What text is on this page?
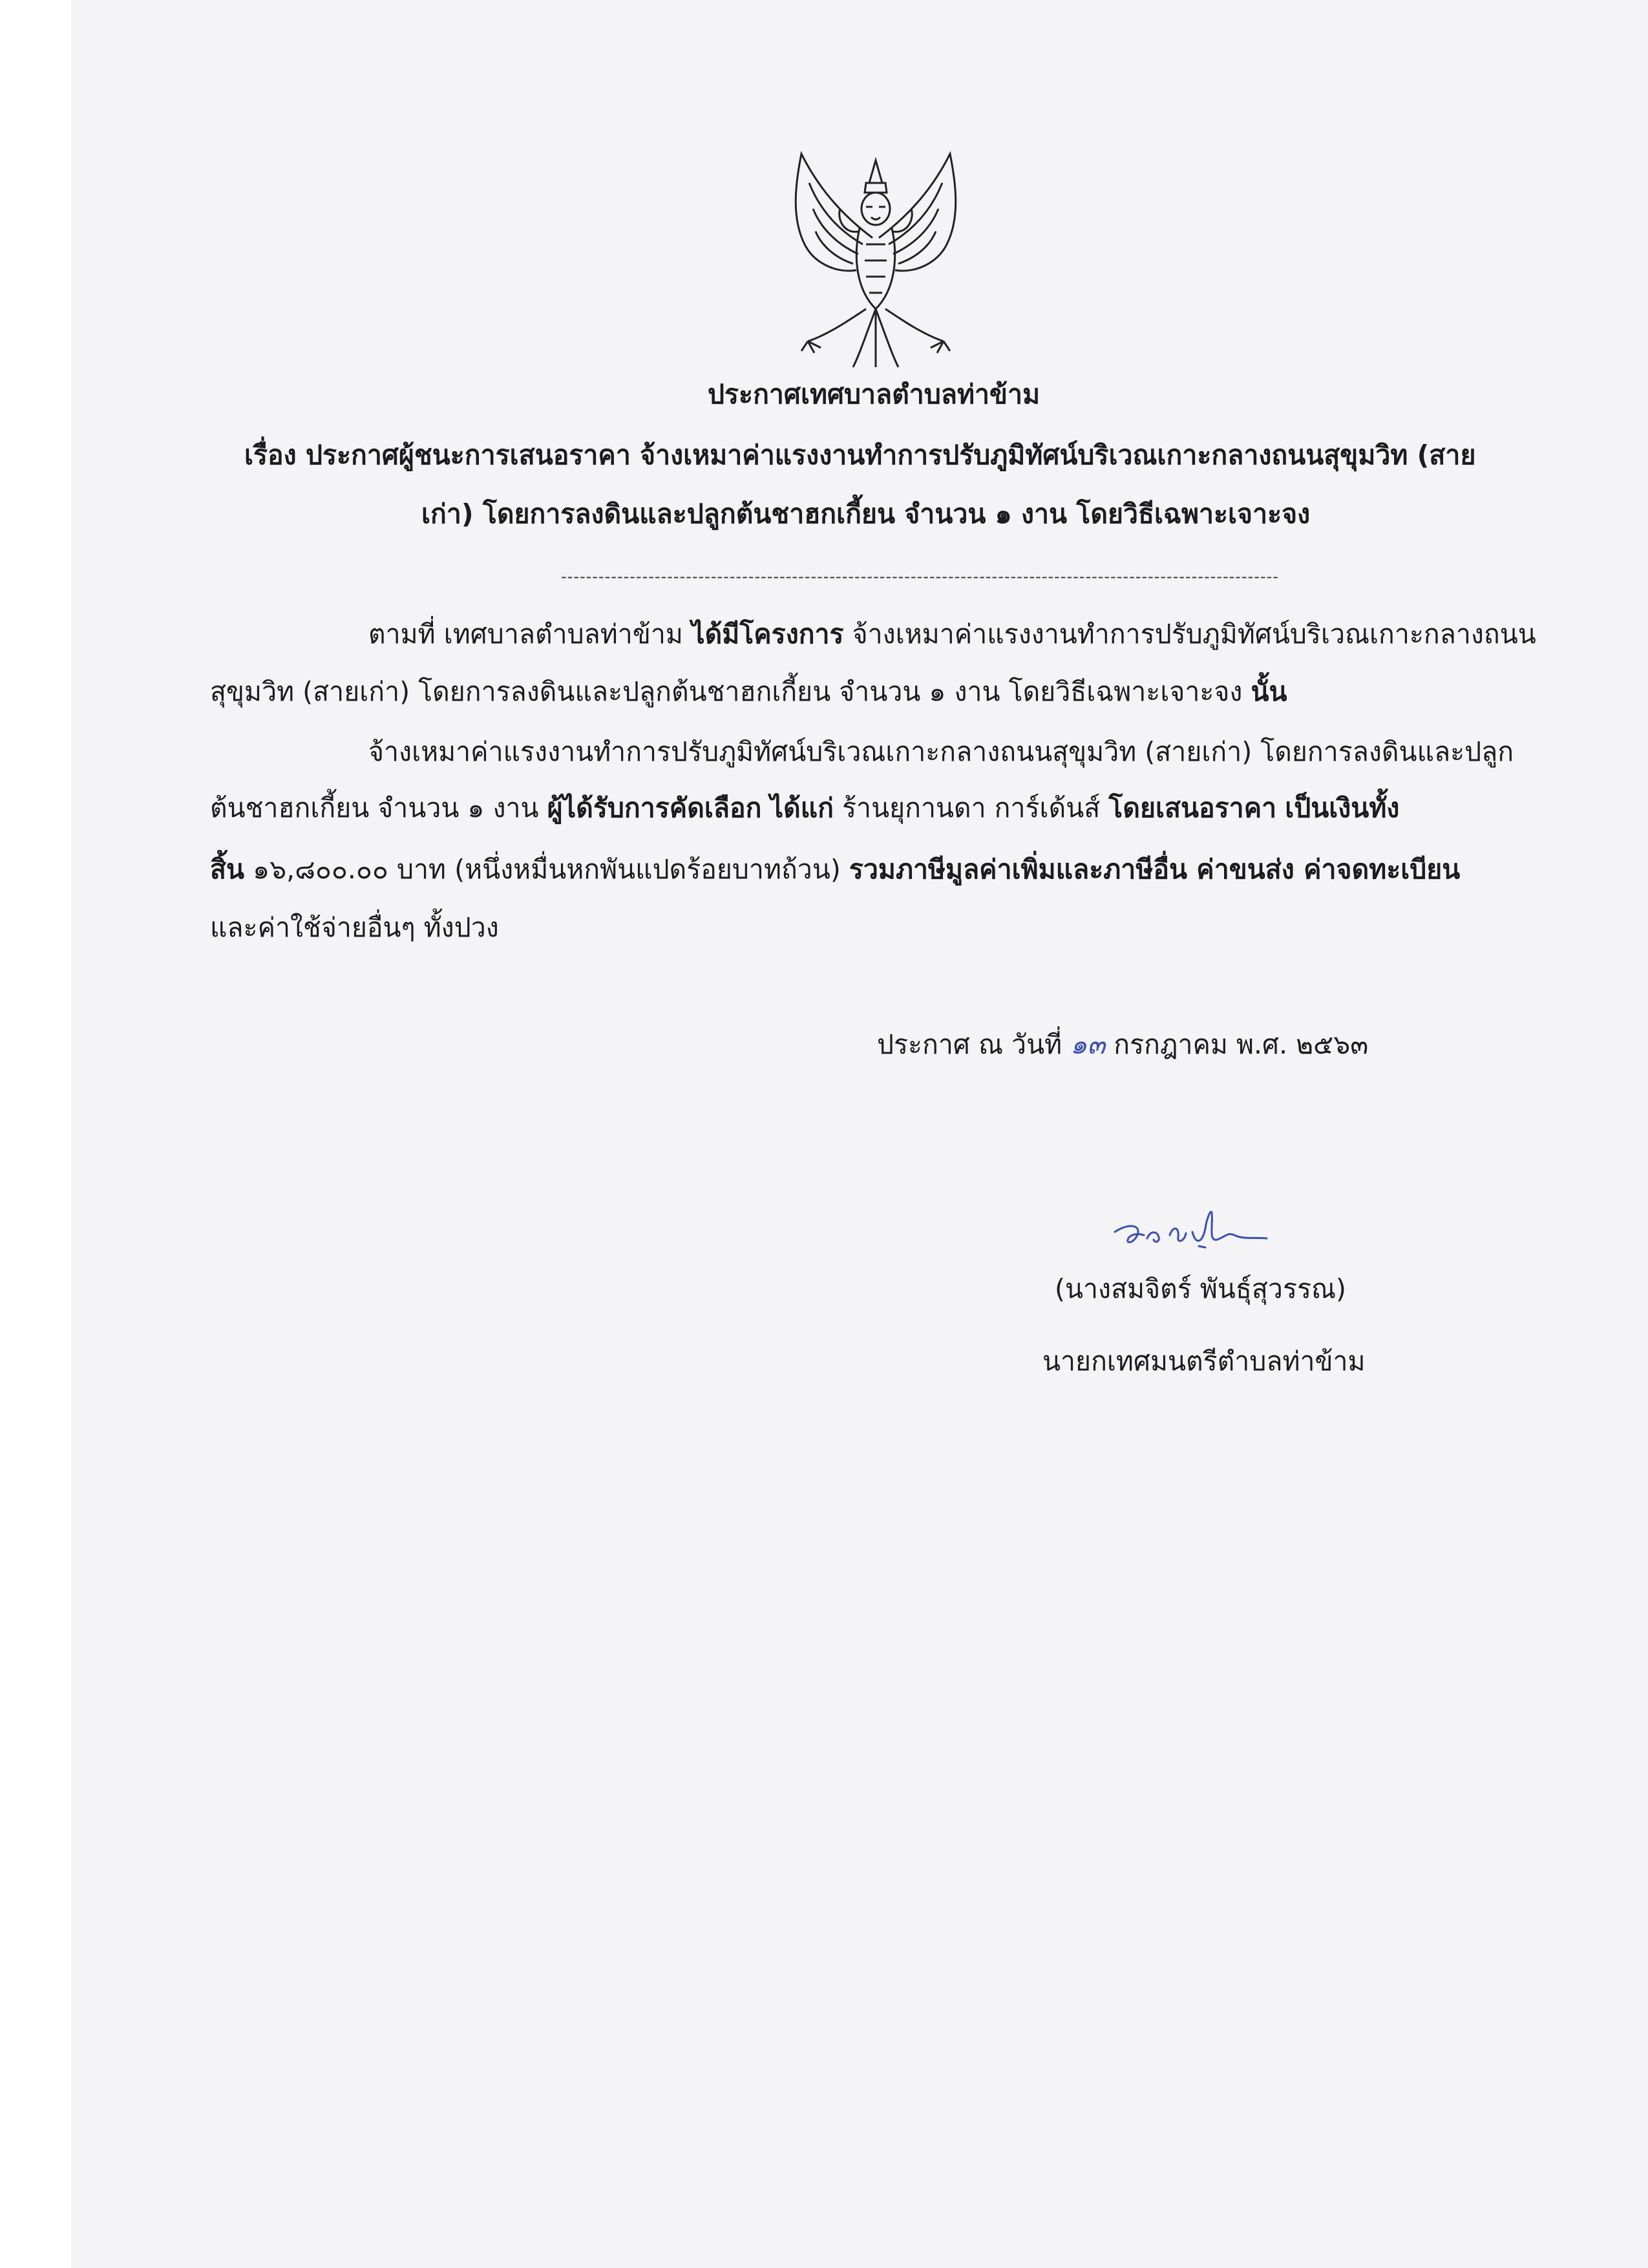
ประกาศเทศบาลตำบลท่าข้าม

เรื่อง ประกาศผู้ชนะการเสนอราคา จ้างเหมาค่าแรงงานทำการปรับภูมิทัศน์บริเวณเกาะกลางถนนสุขุมวิท (สาย

เก่า) โดยการลงดินและปลูกต้นชาฮกเกี้ยน จำนวน ๑ งาน โดยวิธีเฉพาะเจาะจง

-------------------------------------------------------------------------------------------------------------------

ตามที่ เทศบาลตำบลท่าข้าม ได้มีโครงการ จ้างเหมาค่าแรงงานทำการปรับภูมิทัศน์บริเวณเกาะกลางถนน

สุขุมวิท (สายเก่า) โดยการลงดินและปลูกต้นชาฮกเกี้ยน จำนวน ๑ งาน โดยวิธีเฉพาะเจาะจง นั้น

จ้างเหมาค่าแรงงานทำการปรับภูมิทัศน์บริเวณเกาะกลางถนนสุขุมวิท (สายเก่า) โดยการลงดินและปลูก

ต้นชาฮกเกี้ยน จำนวน ๑ งาน ผู้ได้รับการคัดเลือก ได้แก่ ร้านยุกานดา การ์เด้นส์ โดยเสนอราคา เป็นเงินทั้ง

สิ้น ๑๖,๘๐๐.๐๐ บาท (หนึ่งหมื่นหกพันแปดร้อยบาทถ้วน) รวมภาษีมูลค่าเพิ่มและภาษีอื่น ค่าขนส่ง ค่าจดทะเบียน

และค่าใช้จ่ายอื่นๆ ทั้งปวง

ประกาศ ณ วันที่ ๑๓ กรกฎาคม พ.ศ. ๒๕๖๓

(นางสมจิตร์ พันธุ์สุวรรณ)

นายกเทศมนตรีตำบลท่าข้าม
